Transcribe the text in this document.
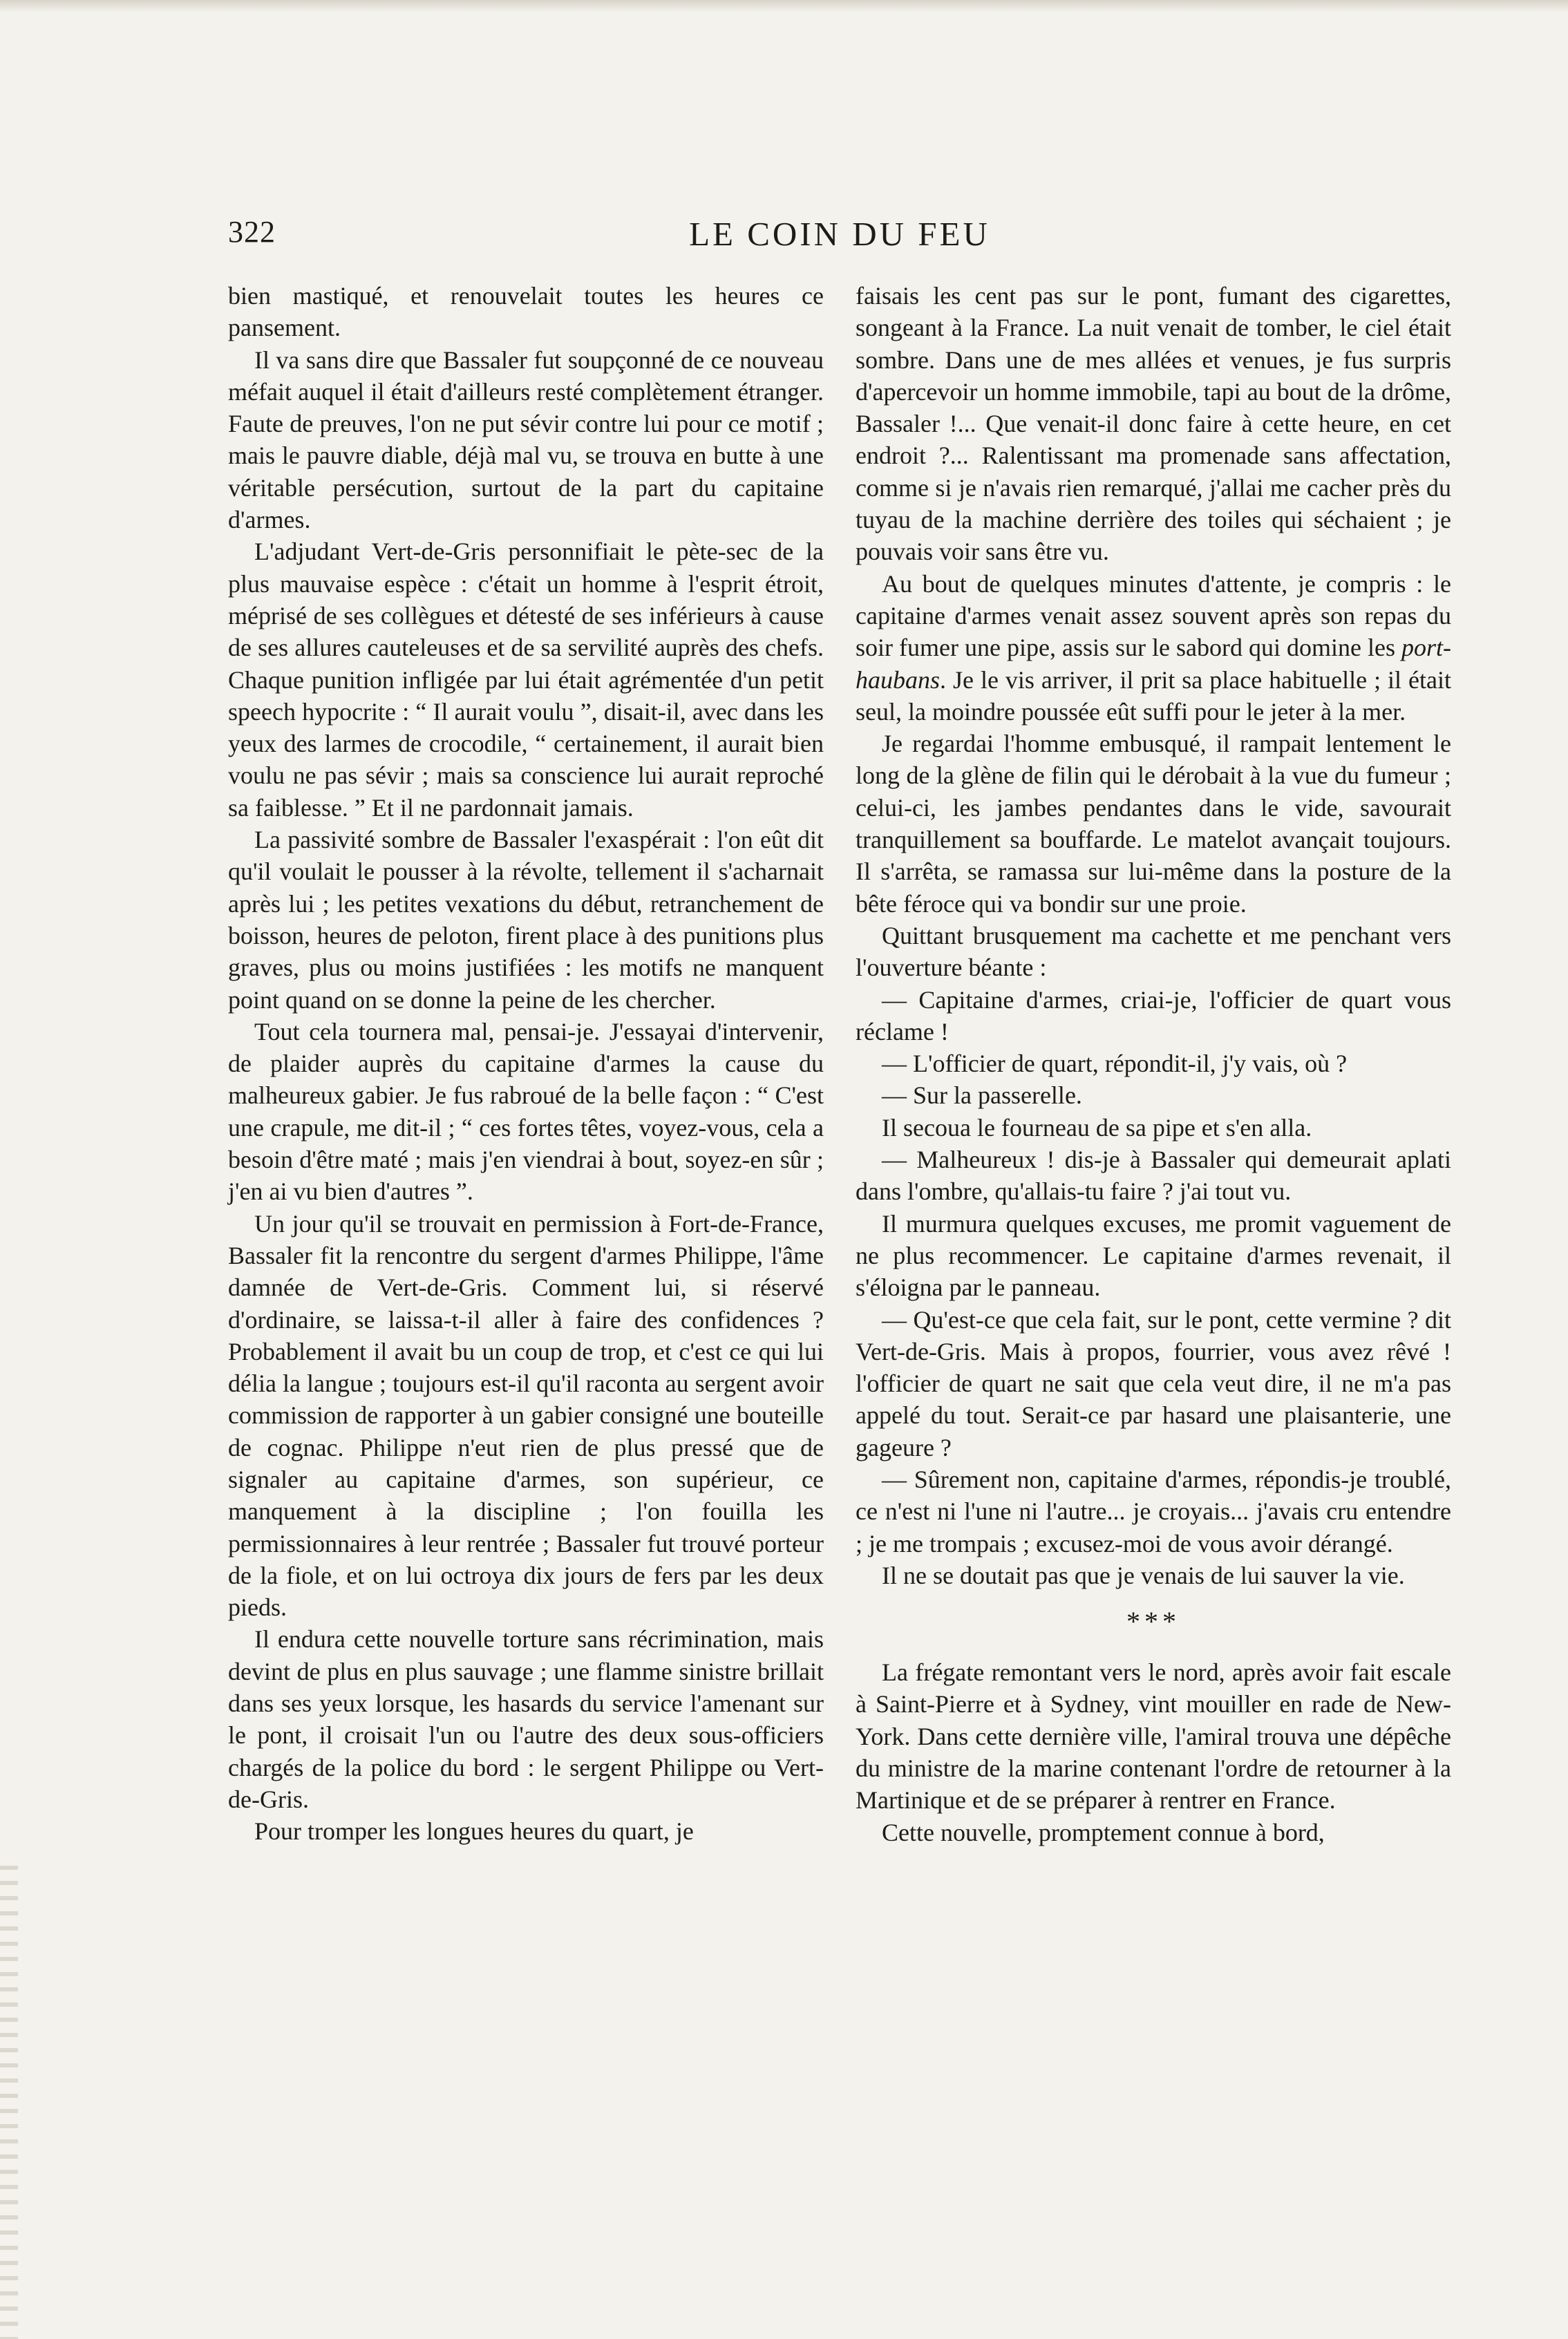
322	LE COIN DU FEU

bien mastiqué, et renouvelait toutes les heures ce pansement.

Il va sans dire que Bassaler fut soupçonné de ce nouveau méfait auquel il était d'ailleurs resté complètement étranger. Faute de preuves, l'on ne put sévir contre lui pour ce motif ; mais le pauvre diable, déjà mal vu, se trouva en butte à une véritable persécution, surtout de la part du capitaine d'armes.

L'adjudant Vert-de-Gris personnifiait le pète-sec de la plus mauvaise espèce : c'était un homme à l'esprit étroit, méprisé de ses collègues et détesté de ses inférieurs à cause de ses allures cauteleuses et de sa servilité auprès des chefs. Chaque punition infligée par lui était agrémentée d'un petit speech hypocrite : “ Il aurait voulu ”, disait-il, avec dans les yeux des larmes de crocodile, “ certainement, il aurait bien voulu ne pas sévir ; mais sa conscience lui aurait reproché sa faiblesse. ” Et il ne pardonnait jamais.

La passivité sombre de Bassaler l'exaspérait : l'on eût dit qu'il voulait le pousser à la révolte, tellement il s'acharnait après lui ; les petites vexations du début, retranchement de boisson, heures de peloton, firent place à des punitions plus graves, plus ou moins justifiées : les motifs ne manquent point quand on se donne la peine de les chercher.

Tout cela tournera mal, pensai-je. J'essayai d'intervenir, de plaider auprès du capitaine d'armes la cause du malheureux gabier. Je fus rabroué de la belle façon : “ C'est une crapule, me dit-il ; “ ces fortes têtes, voyez-vous, cela a besoin d'être maté ; mais j'en viendrai à bout, soyez-en sûr ; j'en ai vu bien d'autres ”.

Un jour qu'il se trouvait en permission à Fort-de-France, Bassaler fit la rencontre du sergent d'armes Philippe, l'âme damnée de Vert-de-Gris. Comment lui, si réservé d'ordinaire, se laissa-t-il aller à faire des confidences ? Probablement il avait bu un coup de trop, et c'est ce qui lui délia la langue ; toujours est-il qu'il raconta au sergent avoir commission de rapporter à un gabier consigné une bouteille de cognac. Philippe n'eut rien de plus pressé que de signaler au capitaine d'armes, son supérieur, ce manquement à la discipline ; l'on fouilla les permissionnaires à leur rentrée ; Bassaler fut trouvé porteur de la fiole, et on lui octroya dix jours de fers par les deux pieds.

Il endura cette nouvelle torture sans récrimination, mais devint de plus en plus sauvage ; une flamme sinistre brillait dans ses yeux lorsque, les hasards du service l'amenant sur le pont, il croisait l'un ou l'autre des deux sous-officiers chargés de la police du bord : le sergent Philippe ou Vert-de-Gris.

Pour tromper les longues heures du quart, je

faisais les cent pas sur le pont, fumant des cigarettes, songeant à la France. La nuit venait de tomber, le ciel était sombre. Dans une de mes allées et venues, je fus surpris d'apercevoir un homme immobile, tapi au bout de la drôme, Bassaler !... Que venait-il donc faire à cette heure, en cet endroit ?... Ralentissant ma promenade sans affectation, comme si je n'avais rien remarqué, j'allai me cacher près du tuyau de la machine derrière des toiles qui séchaient ; je pouvais voir sans être vu.

Au bout de quelques minutes d'attente, je compris : le capitaine d'armes venait assez souvent après son repas du soir fumer une pipe, assis sur le sabord qui domine les port-haubans. Je le vis arriver, il prit sa place habituelle ; il était seul, la moindre poussée eût suffi pour le jeter à la mer.

Je regardai l'homme embusqué, il rampait lentement le long de la glène de filin qui le dérobait à la vue du fumeur ; celui-ci, les jambes pendantes dans le vide, savourait tranquillement sa bouffarde. Le matelot avançait toujours. Il s'arrêta, se ramassa sur lui-même dans la posture de la bête féroce qui va bondir sur une proie.

Quittant brusquement ma cachette et me penchant vers l'ouverture béante :

— Capitaine d'armes, criai-je, l'officier de quart vous réclame !

— L'officier de quart, répondit-il, j'y vais, où ?

— Sur la passerelle.

Il secoua le fourneau de sa pipe et s'en alla.

— Malheureux ! dis-je à Bassaler qui demeurait aplati dans l'ombre, qu'allais-tu faire ? j'ai tout vu.

Il murmura quelques excuses, me promit vaguement de ne plus recommencer. Le capitaine d'armes revenait, il s'éloigna par le panneau.

— Qu'est-ce que cela fait, sur le pont, cette vermine ? dit Vert-de-Gris. Mais à propos, fourrier, vous avez rêvé ! l'officier de quart ne sait que cela veut dire, il ne m'a pas appelé du tout. Serait-ce par hasard une plaisanterie, une gageure ?

— Sûrement non, capitaine d'armes, répondis-je troublé, ce n'est ni l'une ni l'autre... je croyais... j'avais cru entendre ; je me trompais ; excusez-moi de vous avoir dérangé.

Il ne se doutait pas que je venais de lui sauver la vie.

***

La frégate remontant vers le nord, après avoir fait escale à Saint-Pierre et à Sydney, vint mouiller en rade de New-York. Dans cette dernière ville, l'amiral trouva une dépêche du ministre de la marine contenant l'ordre de retourner à la Martinique et de se préparer à rentrer en France.

Cette nouvelle, promptement connue à bord,
